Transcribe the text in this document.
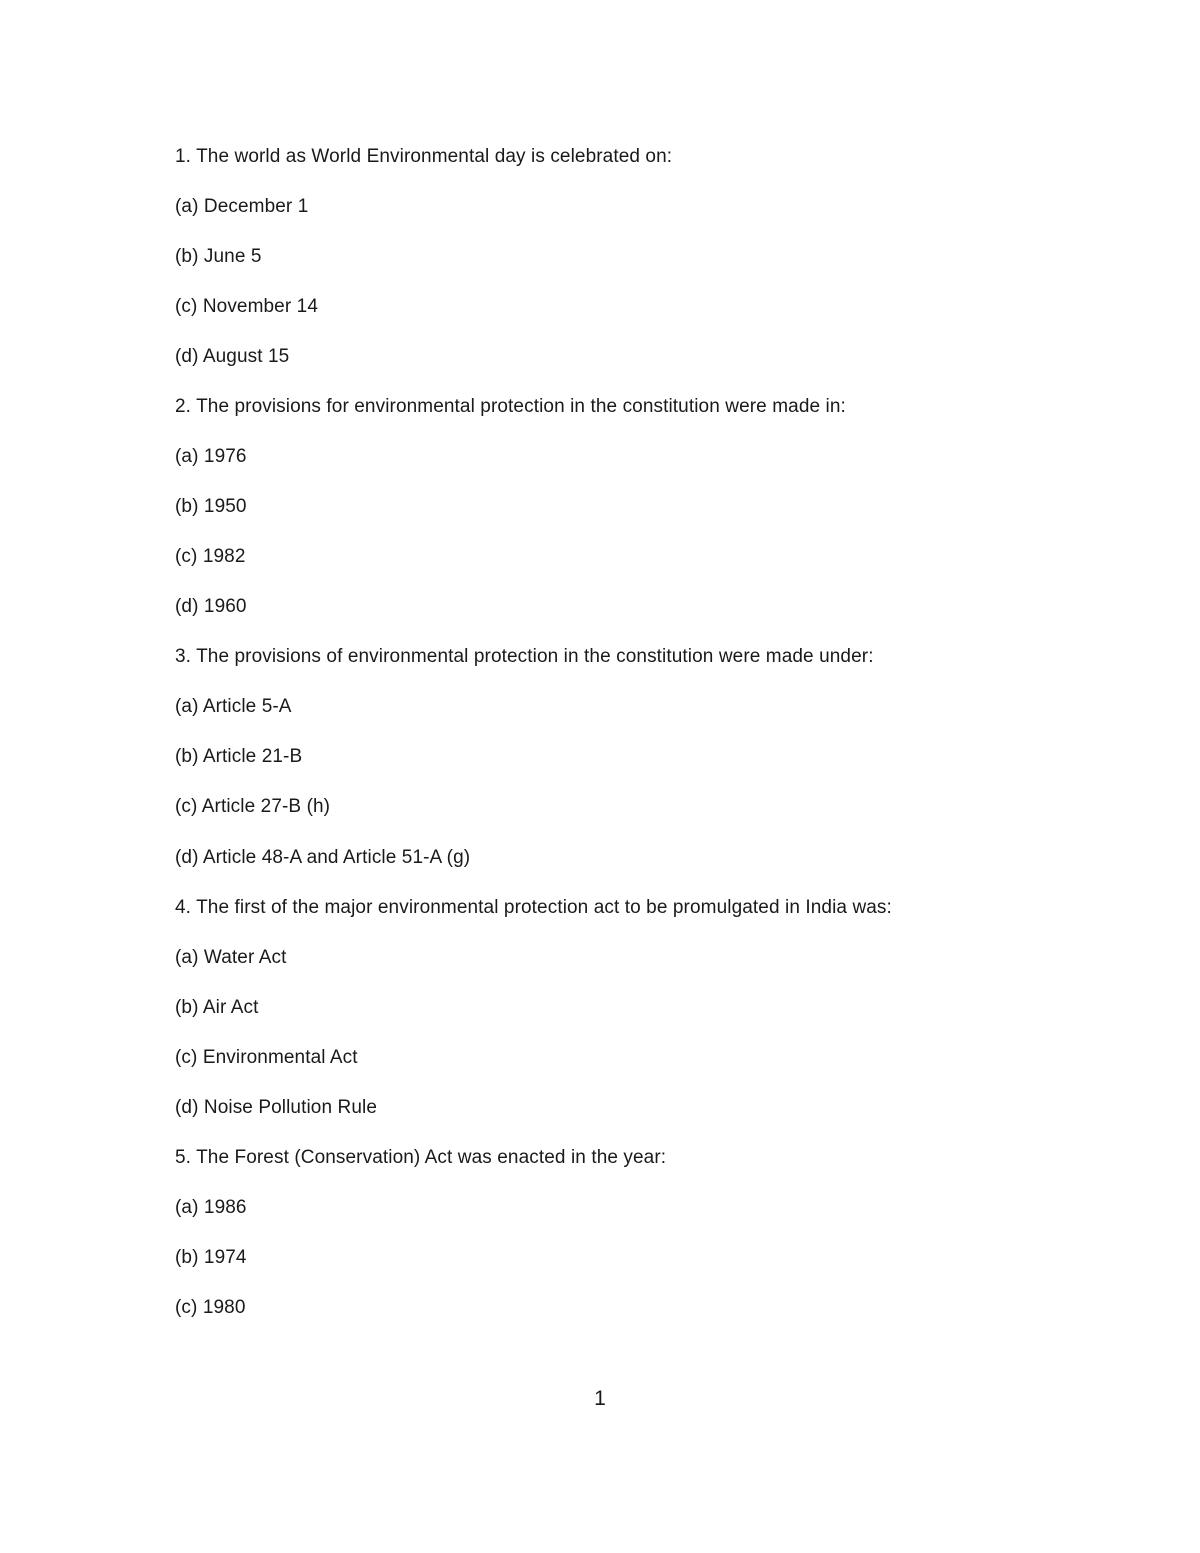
1. The world as World Environmental day is celebrated on:
(a) December 1
(b) June 5
(c) November 14
(d) August 15
2. The provisions for environmental protection in the constitution were made in:
(a) 1976
(b) 1950
(c) 1982
(d) 1960
3. The provisions of environmental protection in the constitution were made under:
(a) Article 5-A
(b) Article 21-B
(c) Article 27-B (h)
(d) Article 48-A and Article 51-A (g)
4. The first of the major environmental protection act to be promulgated in India was:
(a) Water Act
(b) Air Act
(c) Environmental Act
(d) Noise Pollution Rule
5. The Forest (Conservation) Act was enacted in the year:
(a) 1986
(b) 1974
(c) 1980
1
